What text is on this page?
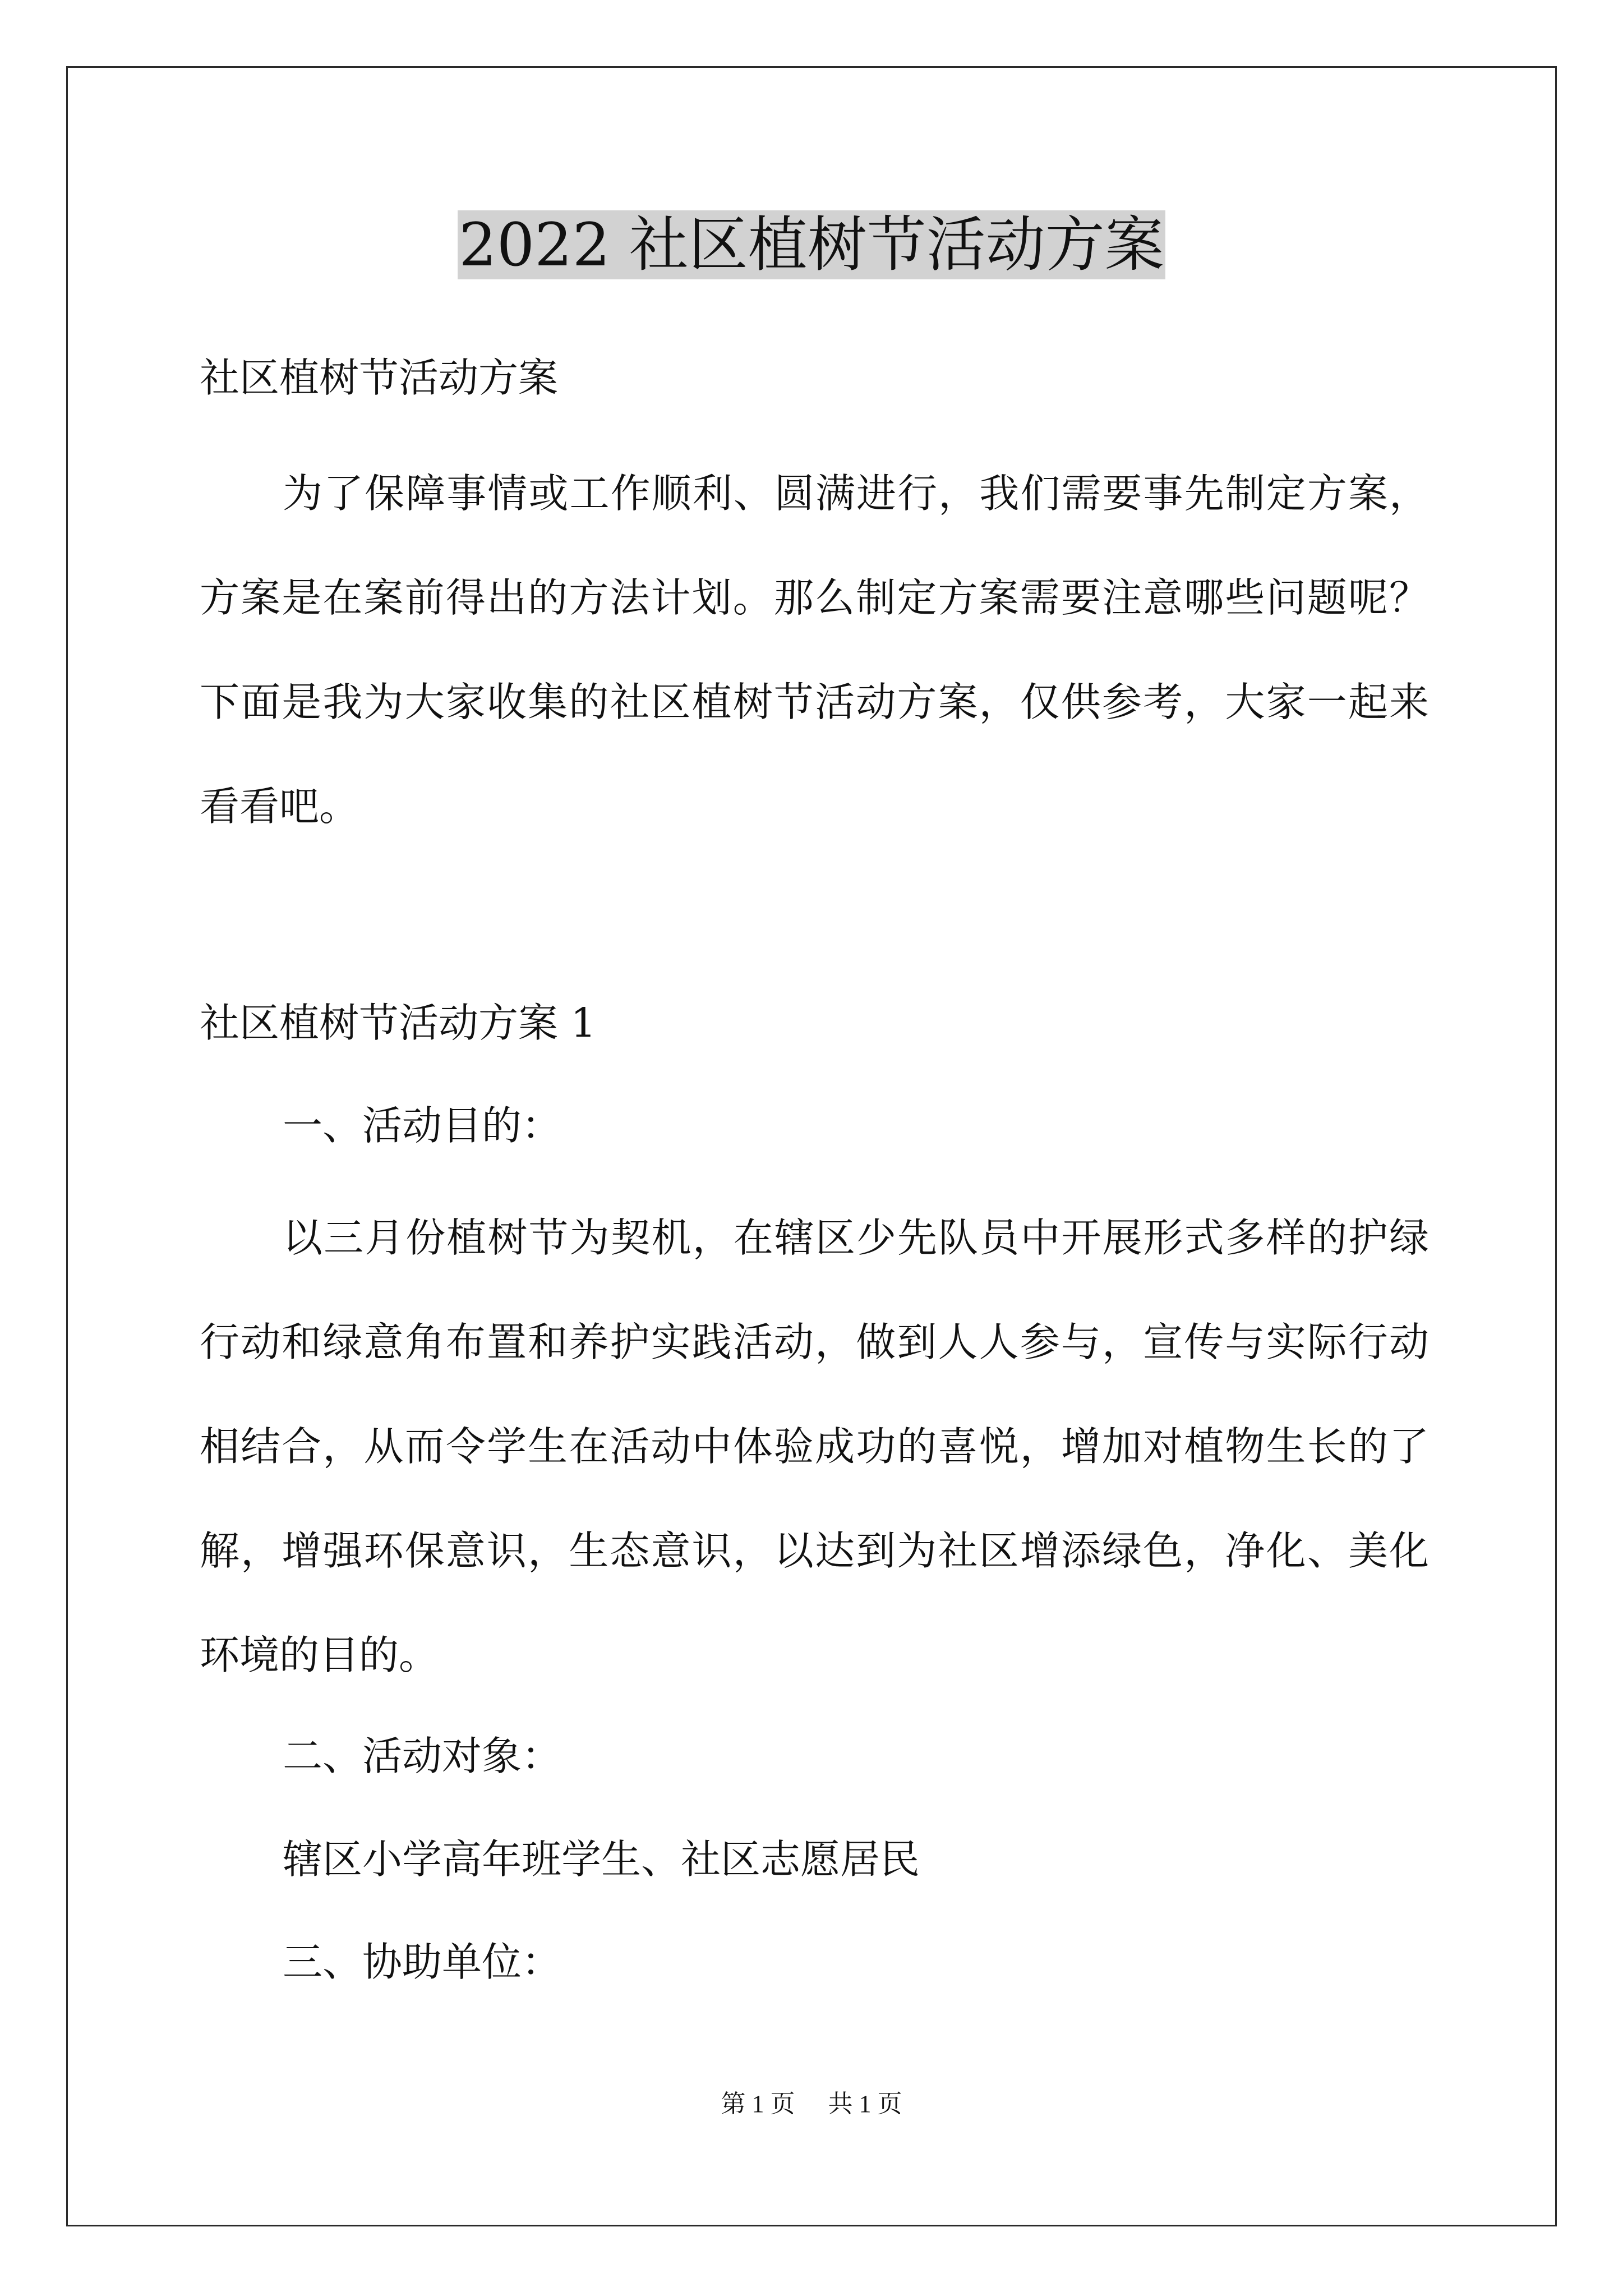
2022 社区植树节活动方案
社区植树节活动方案

为了保障事情或工作顺利、圆满进行，我们需要事先制定方案，方案是在案前得出的方法计划。那么制定方案需要注意哪些问题呢？下面是我为大家收集的社区植树节活动方案，仅供参考，大家一起来看看吧。

社区植树节活动方案 1
一、活动目的：

以三月份植树节为契机，在辖区少先队员中开展形式多样的护绿行动和绿意角布置和养护实践活动，做到人人参与，宣传与实际行动相结合，从而令学生在活动中体验成功的喜悦，增加对植物生长的了解，增强环保意识，生态意识，以达到为社区增添绿色，净化、美化环境的目的。

二、活动对象：
辖区小学高年班学生、社区志愿居民
三、协助单位：
第 1 页 共 1 页
